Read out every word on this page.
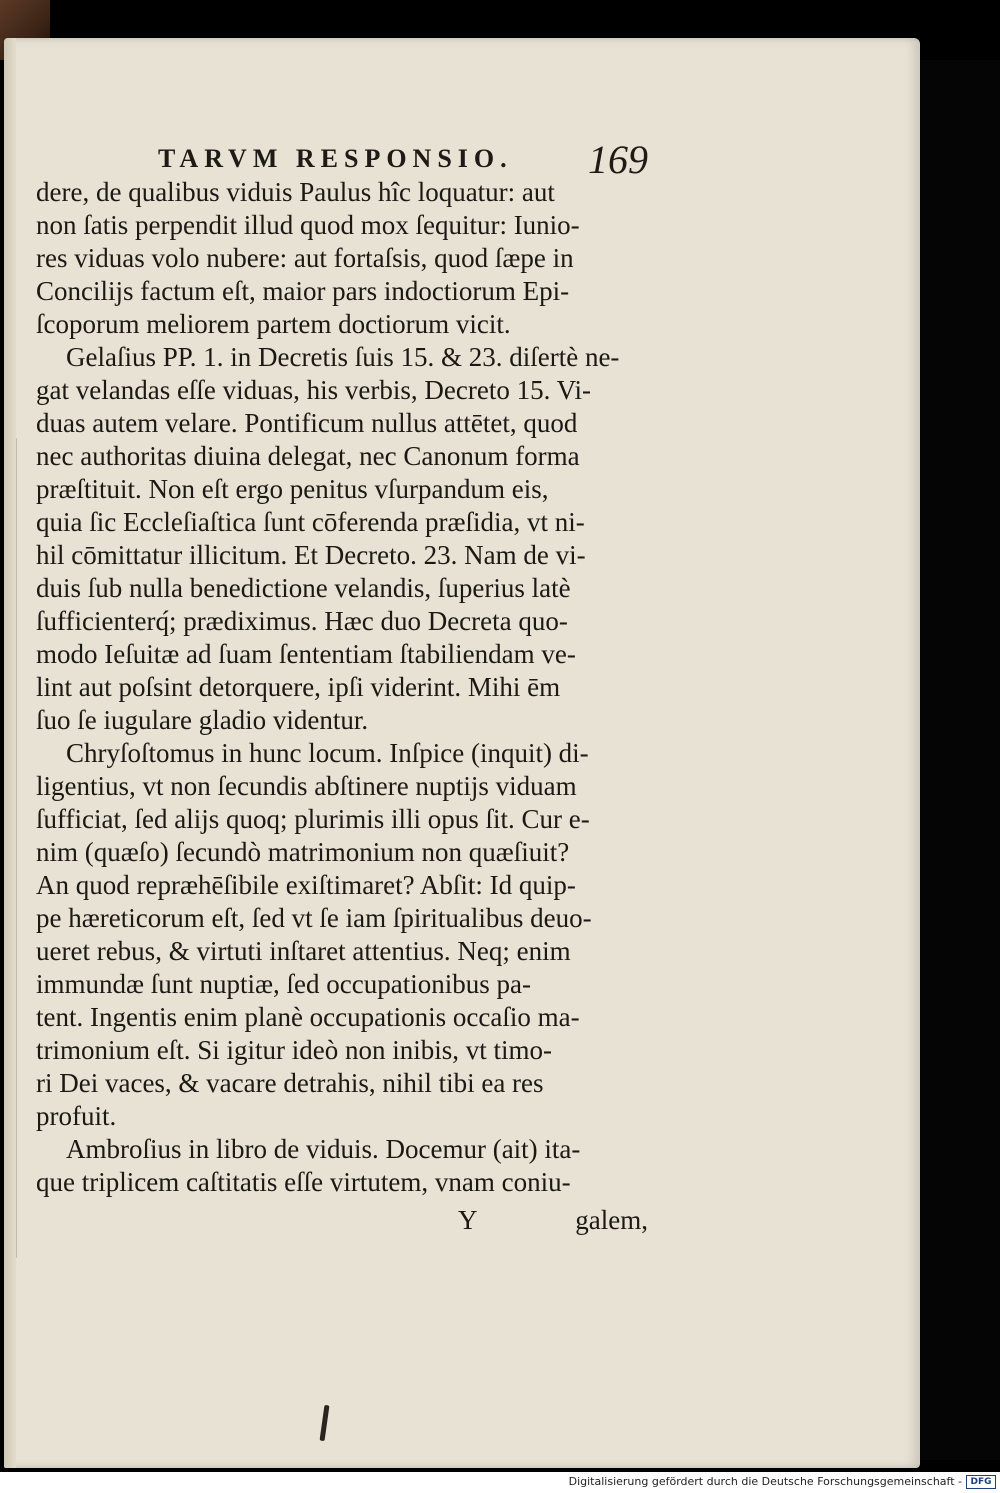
TARVM RESPONSIO. 169
dere, de qualibus viduis Paulus hîc loquatur: aut
non ſatis perpendit illud quod mox ſequitur: Iunio-
res viduas volo nubere: aut fortaſsis, quod ſæpe in
Concilijs factum eſt, maior pars indoctiorum Epi-
ſcoporum meliorem partem doctiorum vicit.
Gelaſius PP. 1. in Decretis ſuis 15. & 23. diſertè ne-
gat velandas eſſe viduas, his verbis, Decreto 15. Vi-
duas autem velare. Pontificum nullus attētet, quod
nec authoritas diuina delegat, nec Canonum forma
præſtituit. Non eſt ergo penitus vſurpandum eis,
quia ſic Eccleſiaſtica ſunt cōferenda præſidia, vt ni-
hil cōmittatur illicitum. Et Decreto. 23. Nam de vi-
duis ſub nulla benedictione velandis, ſuperius latè
ſufficienterq́; prædiximus. Hæc duo Decreta quo-
modo Ieſuitæ ad ſuam ſententiam ſtabiliendam ve-
lint aut poſsint detorquere, ipſi viderint. Mihi ēm
ſuo ſe iugulare gladio videntur.
Chryſoſtomus in hunc locum. Inſpice (inquit) di-
ligentius, vt non ſecundis abſtinere nuptijs viduam
ſufficiat, ſed alijs quoq; plurimis illi opus ſit. Cur e-
nim (quæſo) ſecundò matrimonium non quæſiuit?
An quod repræhēſibile exiſtimaret? Abſit: Id quip-
pe hæreticorum eſt, ſed vt ſe iam ſpiritualibus deuo-
ueret rebus, & virtuti inſtaret attentius. Neq; enim
immundæ ſunt nuptiæ, ſed occupationibus pa-
tent. Ingentis enim planè occupationis occaſio ma-
trimonium eſt. Si igitur ideò non inibis, vt timo-
ri Dei vaces, & vacare detrahis, nihil tibi ea res
profuit.
Ambroſius in libro de viduis. Docemur (ait) ita-
que triplicem caſtitatis eſſe virtutem, vnam coniu-
Y	galem,
Digitalisierung gefördert durch die Deutsche Forschungsgemeinschaft - DFG
